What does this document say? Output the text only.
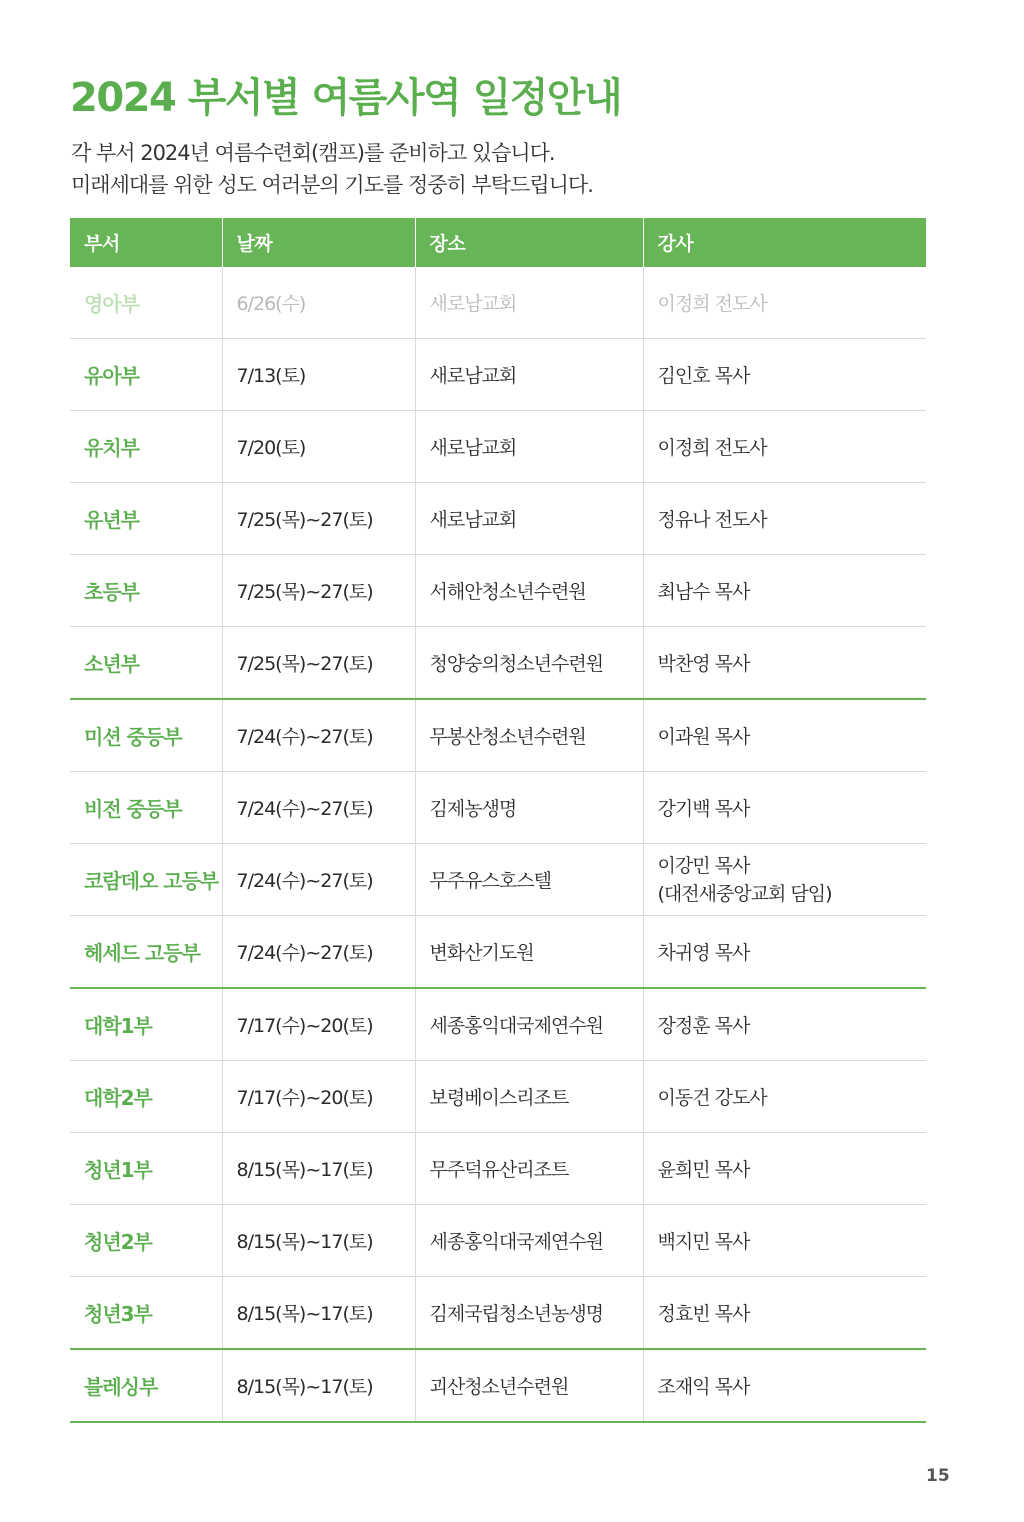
2024 부서별 여름사역 일정안내
각 부서 2024년 여름수련회(캠프)를 준비하고 있습니다.
미래세대를 위한 성도 여러분의 기도를 정중히 부탁드립니다.
부서	날짜	장소	강사
영아부	6/26(수)	새로남교회	이정희 전도사
유아부	7/13(토)	새로남교회	김인호 목사
유치부	7/20(토)	새로남교회	이정희 전도사
유년부	7/25(목)~27(토)	새로남교회	정유나 전도사
초등부	7/25(목)~27(토)	서해안청소년수련원	최남수 목사
소년부	7/25(목)~27(토)	청양숭의청소년수련원	박찬영 목사
미션 중등부	7/24(수)~27(토)	무봉산청소년수련원	이과원 목사
비전 중등부	7/24(수)~27(토)	김제농생명	강기백 목사
코람데오 고등부	7/24(수)~27(토)	무주유스호스텔	이강민 목사
(대전새중앙교회 담임)

헤세드 고등부	7/24(수)~27(토)	변화산기도원	차귀영 목사
대학1부	7/17(수)~20(토)	세종홍익대국제연수원	장정훈 목사
대학2부	7/17(수)~20(토)	보령베이스리조트	이동건 강도사
청년1부	8/15(목)~17(토)	무주덕유산리조트	윤희민 목사
청년2부	8/15(목)~17(토)	세종홍익대국제연수원	백지민 목사
청년3부	8/15(목)~17(토)	김제국립청소년농생명	정효빈 목사
블레싱부	8/15(목)~17(토)	괴산청소년수련원	조재익 목사
15
